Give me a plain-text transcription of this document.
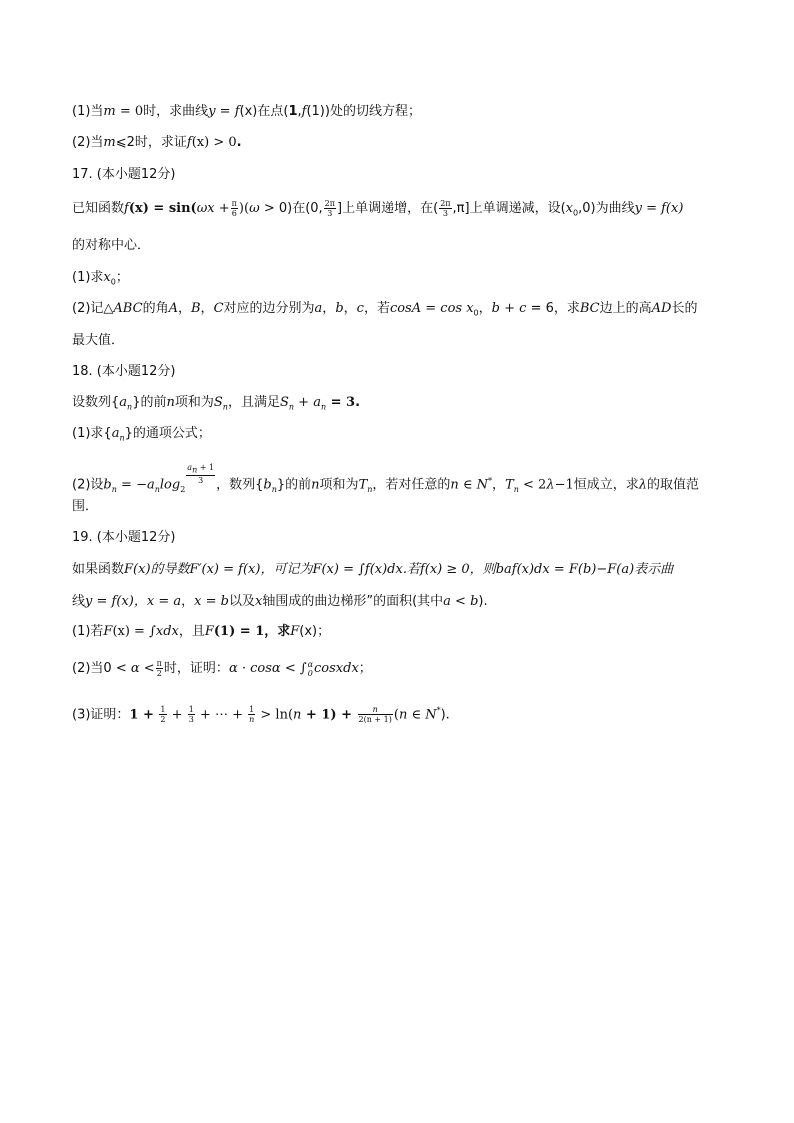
(1)当m = 0时，求曲线y = f(x)在点(1,f(1))处的切线方程；
(2)当m⩽2时，求证f(x) > 0.
17. (本小题12分)
已知函数$f(x) = \sin(\omega x + \frac{\pi}{6} )(\omega > 0)$在(0, $\frac{2\pi}{3}$ ]上单调递增，在( $\frac{2\pi}{3} ,\pi$]上单调递减，设$(x_0,0)$为曲线y = f(x)
的对称中心．
(1)求$x_0$；
(2)记△ABC的角A，B，C对应的边分别为a，b，c，若$\cos A = \cos x_0$，b + c = 6，求BC边上的高AD长的
最大值．
18. (本小题12分)
设数列$\{a_n\}$的前n项和为$S_n$，且满足$S_n + a_n = 3$.
(1)求$\{a_n\}$的通项公式；
(2)设$b_n = -a_n\log_2$
$\frac{a_n + 1}{3}$
，数列$\{b_n\}$的前n项和为$T_n$，若对任意的n ∈ N*，$T_n < 2\lambda-1$恒成立，求λ的取值范
围．
19. (本小题12分)
如果函数F(x)的导数F′(x) = f(x)，可记为F(x) = ∫f(x)dx.若f(x) ≥ 0，则baf(x)dx = F(b)−F(a)表示曲
线y = f(x)，x = a，x = b以及x轴围成的曲边梯形”的面积(其中a < b).
(1)若F(x) = ∫xdx，且F(1) = 1，求F(x)；
(2)当$0 < \alpha < \frac{\pi}{2}$ 时，证明：α · cosα < ∫ α
0 cosxdx；
(3)证明：$1 + \frac{1}{2} + \frac{1}{3}$ + ⋯ + $\frac{1}{n} > \ln(n + 1) + \frac{n}{2(n + 1)} (n$ ∈ N*).
